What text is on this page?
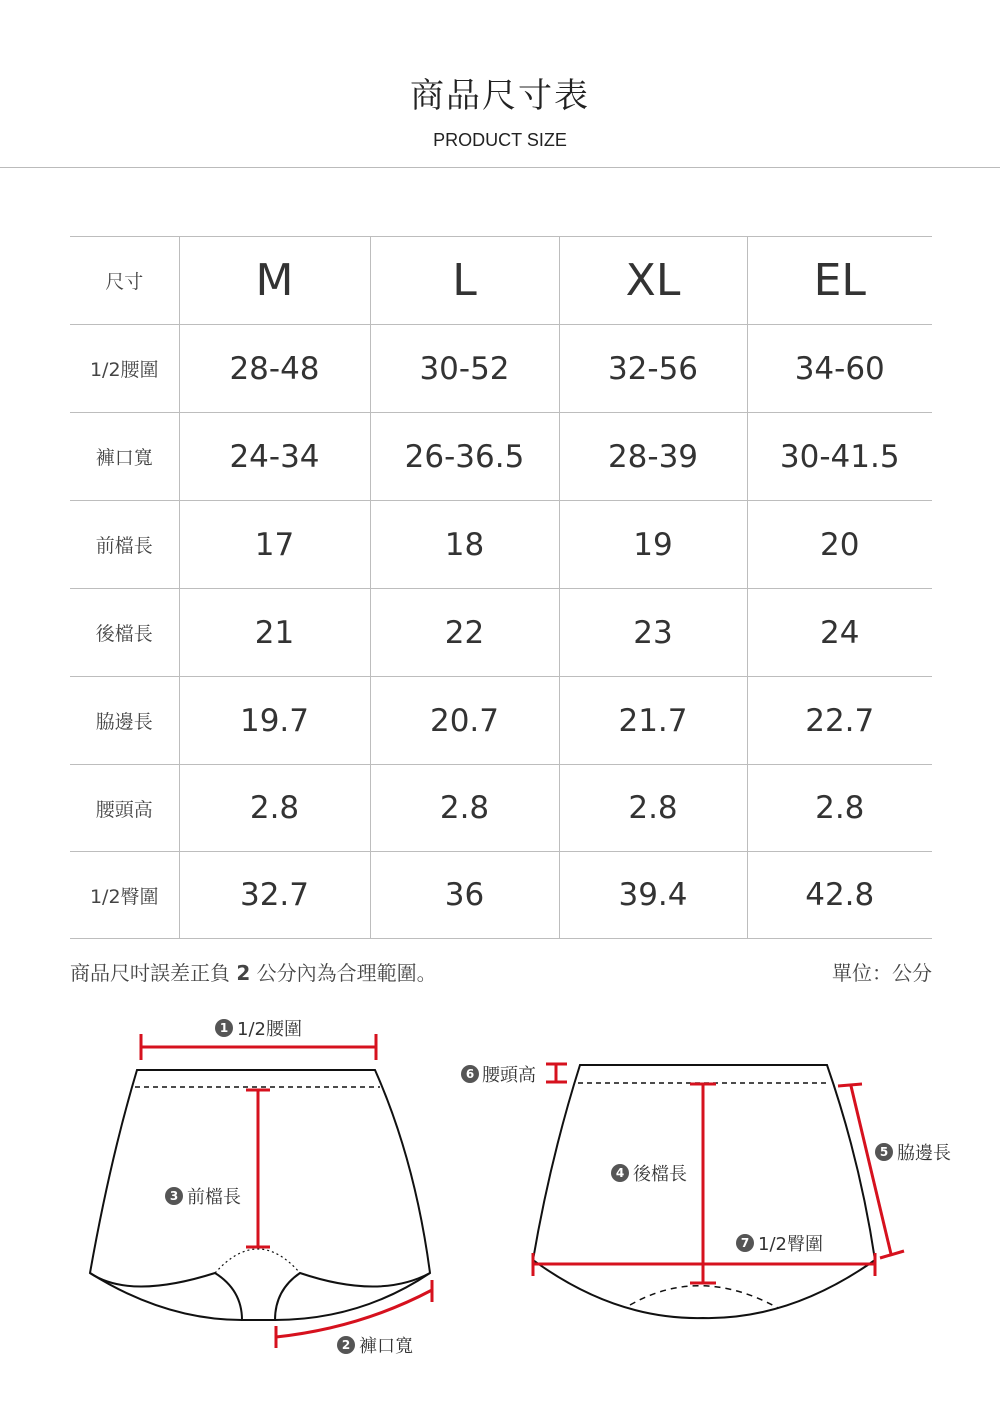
商品尺寸表
PRODUCT SIZE
尺寸	M	L	XL	EL
1/2腰圍	28-48	30-52	32-56	34-60
褲口寬	24-34	26-36.5	28-39	30-41.5
前檔長	17	18	19	20
後檔長	21	22	23	24
脇邊長	19.7	20.7	21.7	22.7
腰頭高	2.8	2.8	2.8	2.8
1/2臀圍	32.7	36	39.4	42.8
商品尺吋誤差正負 2 公分內為合理範圍。	單位：公分
1 1/2腰圍
3 前檔長
2 褲口寬
6 腰頭高
4 後檔長
5 脇邊長
7 1/2臀圍
